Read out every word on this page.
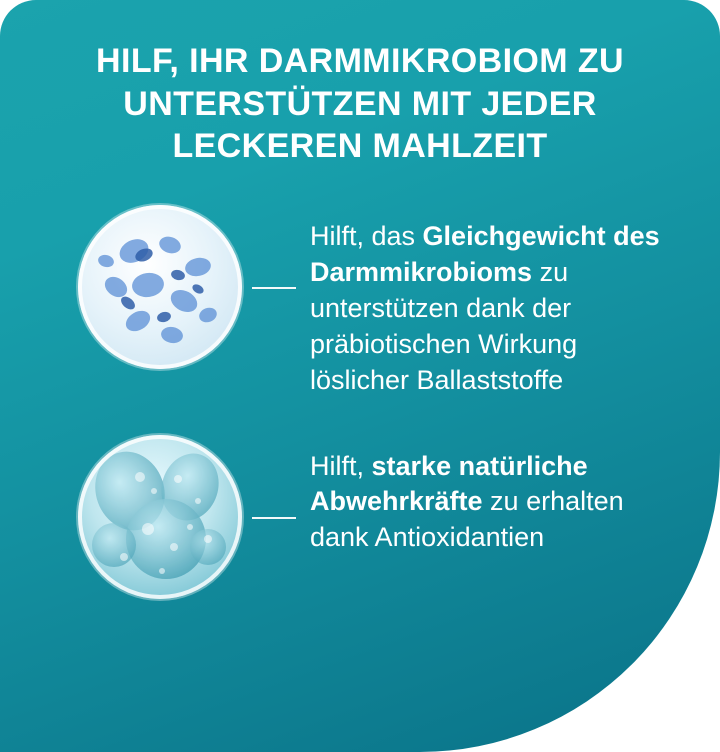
HILF, IHR DARMMIKROBIOM ZU UNTERSTÜTZEN MIT JEDER LECKEREN MAHLZEIT
Hilft, das Gleichgewicht des Darmmikrobioms zu unterstützen dank der präbiotischen Wirkung löslicher Ballaststoffe
Hilft, starke natürliche Abwehrkräfte zu erhalten dank Antioxidantien
